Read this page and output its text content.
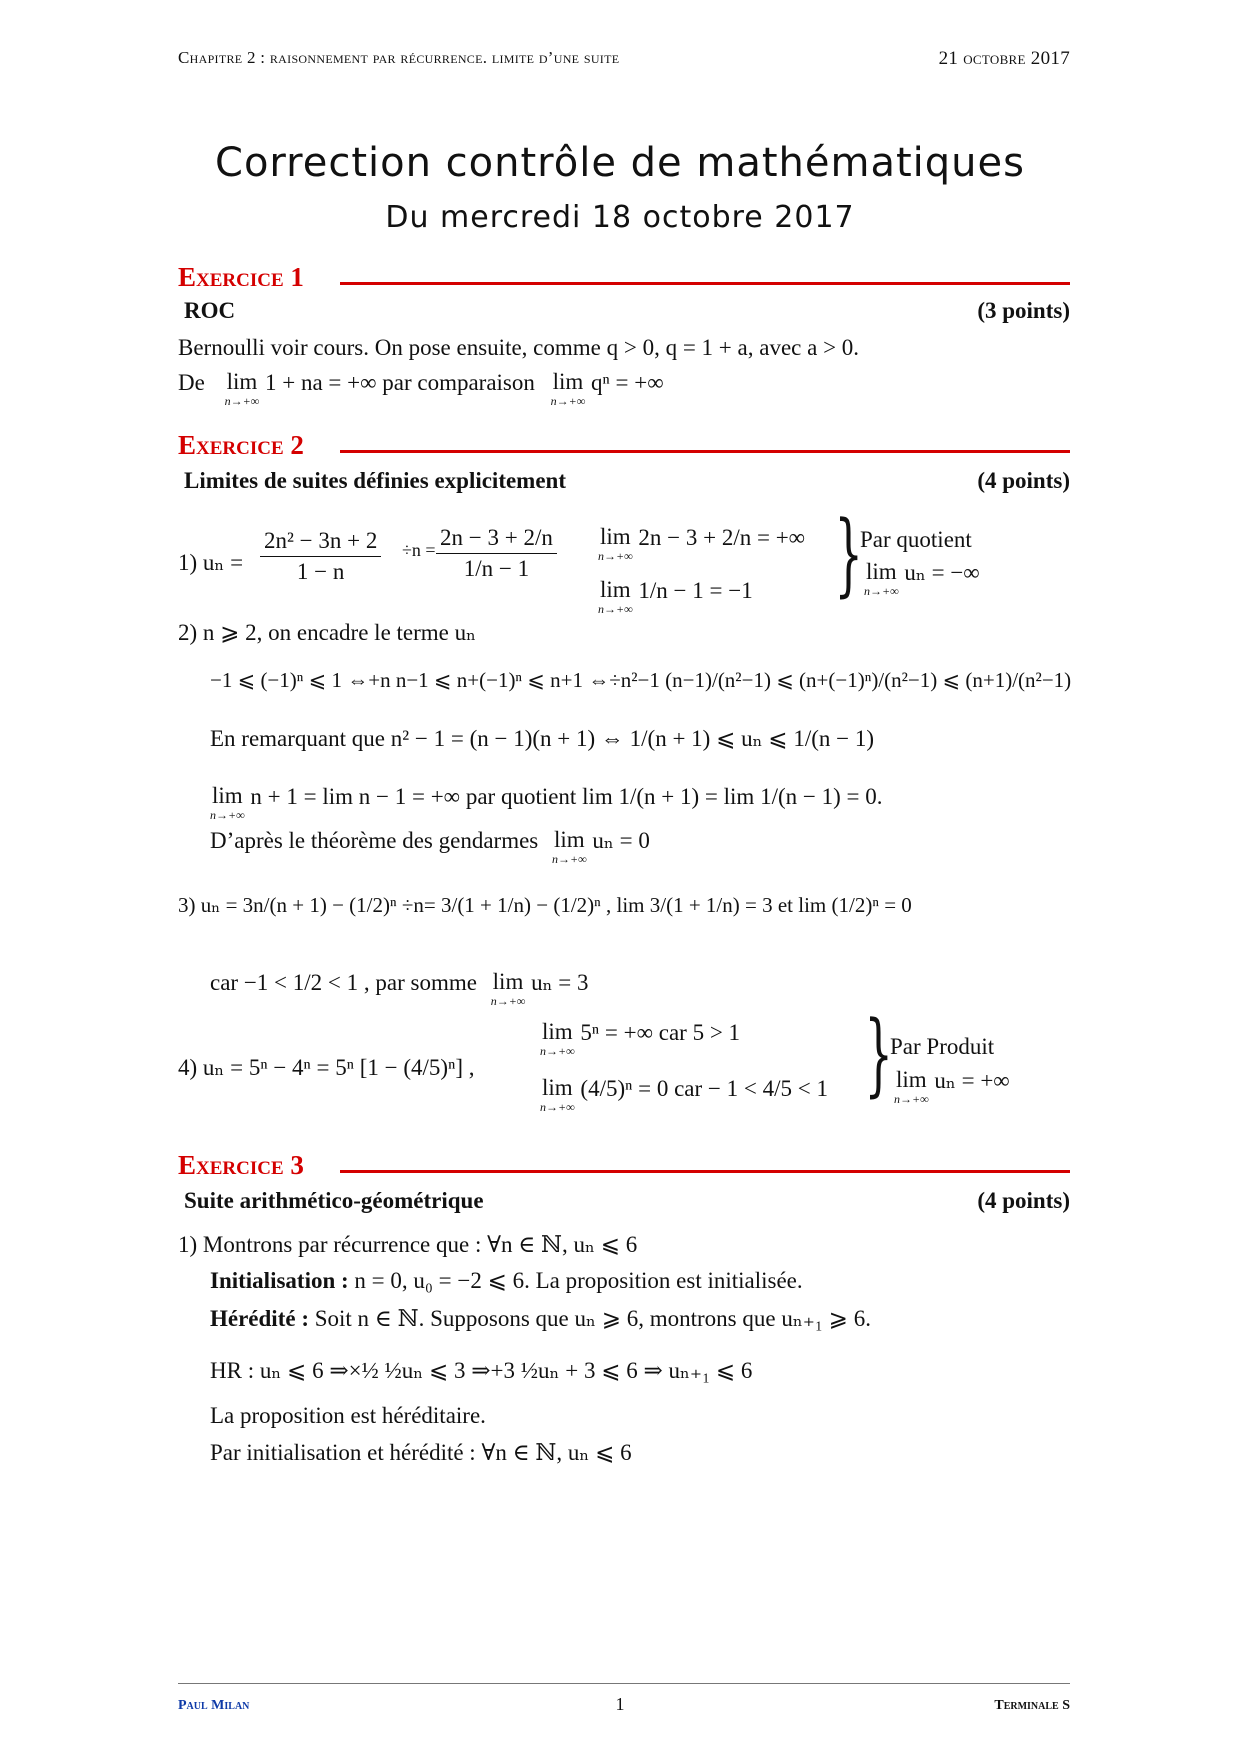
Chapitre 2 : raisonnement par récurrence. limite d’une suite	21 octobre 2017
Correction contrôle de mathématiques
Du mercredi 18 octobre 2017
Exercice 1
ROC	(3 points)
Bernoulli voir cours. On pose ensuite, comme q > 0, q = 1 + a, avec a > 0.
De lim
n→+∞
1 + na = +∞ par comparaison lim
n→+∞
qⁿ = +∞
Exercice 2
Limites de suites définies explicitement	(4 points)
1) $u_n = \frac{\text{2n² − 3n + 2}}{1 - n} \div n = \frac{2n - 3 + 2/n}{1/n - 1}$ lim
n→+∞
2n − 3 + 2/n = +∞
lim
n→+∞
1/n − 1 = −1 }
Par quotient
lim
n→+∞
uₙ = −∞
2) n ⩾ 2, on encadre le terme uₙ
−1 ⩽ (−1)ⁿ ⩽ 1 ⇔+n n−1 ⩽ n+(−1)ⁿ ⩽ n+1 ⇔÷n²−1 (n−1)/(n²−1) ⩽ (n+(−1)ⁿ)/(n²−1) ⩽ (n+1)/(n²−1)
En remarquant que n² − 1 = (n − 1)(n + 1) ⇔ 1/(n + 1) ⩽ uₙ ⩽ 1/(n − 1)
lim
n→+∞
n + 1 = lim n − 1 = +∞ par quotient lim 1/(n + 1) = lim 1/(n − 1) = 0.
D’après le théorème des gendarmes lim
n→+∞
uₙ = 0
3) uₙ = 3n/(n + 1) − (1/2)ⁿ ÷n= 3/(1 + 1/n) − (1/2)ⁿ , lim 3/(1 + 1/n) = 3 et lim (1/2)ⁿ = 0
car −1 < 1/2 < 1 , par somme lim
n→+∞
uₙ = 3
4) uₙ = 5ⁿ − 4ⁿ = 5ⁿ [1 − (4/5)ⁿ] ,
lim
n→+∞
5ⁿ = +∞ car 5 > 1
lim
n→+∞
(4/5)ⁿ = 0 car − 1 < 4/5 < 1 }
Par Produit
lim
n→+∞
uₙ = +∞
Exercice 3
Suite arithmético-géométrique	(4 points)
1) Montrons par récurrence que : ∀n ∈ ℕ, uₙ ⩽ 6
Initialisation : n = 0, u₀ = −2 ⩽ 6. La proposition est initialisée.
Hérédité : Soit n ∈ ℕ. Supposons que uₙ ⩾ 6, montrons que uₙ₊₁ ⩾ 6.
HR : uₙ ⩽ 6 ⇒×½ ½uₙ ⩽ 3 ⇒+3 ½uₙ + 3 ⩽ 6 ⇒ uₙ₊₁ ⩽ 6
La proposition est héréditaire.
Par initialisation et hérédité : ∀n ∈ ℕ, uₙ ⩽ 6
Paul Milan	1	Terminale S
